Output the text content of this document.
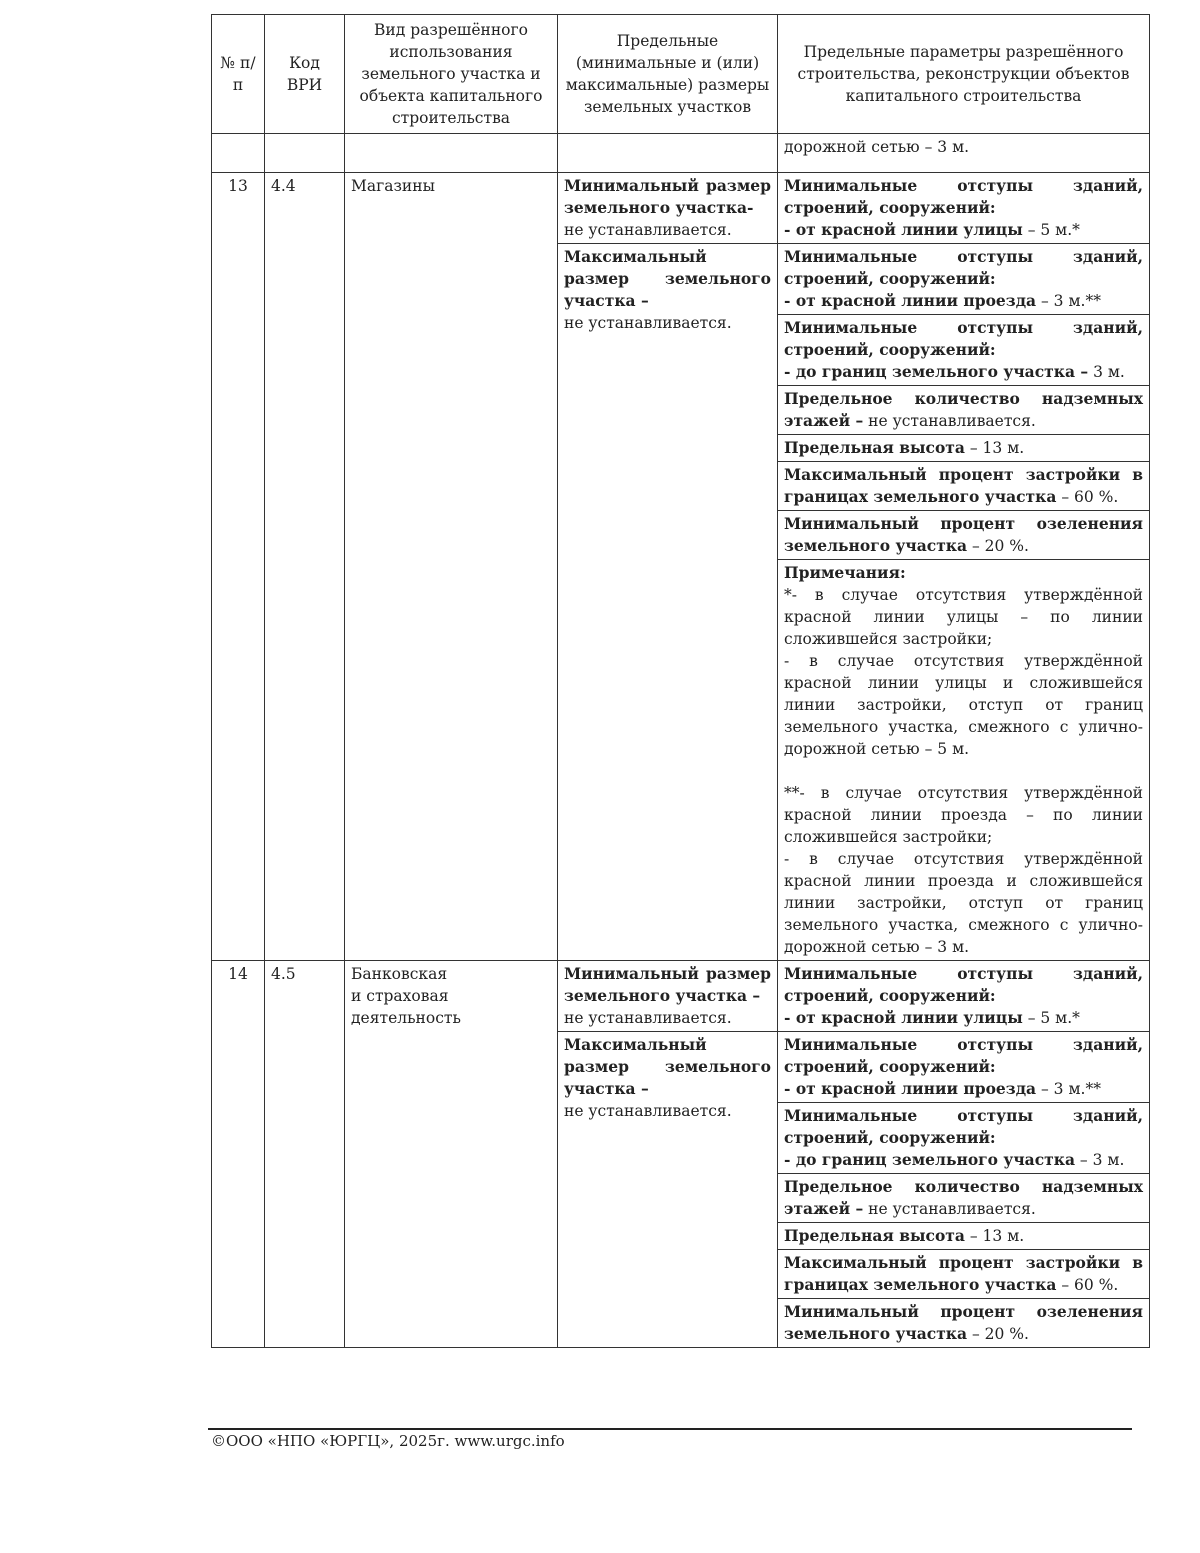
№ п/п	Код ВРИ	Вид разрешённого использования земельного участка и объекта капитального строительства	Предельные (минимальные и (или) максимальные) размеры земельных участков	Предельные параметры разрешённого строительства, реконструкции объектов капитального строительства
				дорожной сетью – 3 м.
13	4.4	Магазины	Минимальный размер земельного участка-
не устанавливается.	Минимальные отступы зданий, строений, сооружений:
- от красной линии улицы – 5 м.*
			Максимальный размер земельного участка –
не устанавливается.	Минимальные отступы зданий, строений, сооружений:
- от красной линии проезда – 3 м.**
				Минимальные отступы зданий, строений, сооружений:
- до границ земельного участка – 3 м.
				Предельное количество надземных этажей – не устанавливается.
				Предельная высота – 13 м.
				Максимальный процент застройки в границах земельного участка – 60 %.
				Минимальный процент озеленения земельного участка – 20 %.

				Примечания:
*- в случае отсутствия утверждённой красной линии улицы – по линии сложившейся застройки;
- в случае отсутствия утверждённой красной линии улицы и сложившейся линии застройки, отступ от границ земельного участка, смежного с улично-дорожной сетью – 5 м.
**- в случае отсутствия утверждённой красной линии проезда – по линии сложившейся застройки;
- в случае отсутствия утверждённой красной линии проезда и сложившейся линии застройки, отступ от границ земельного участка, смежного с улично-дорожной сетью – 3 м.

14	4.5	Банковская
и страховая
деятельность	Минимальный размер земельного участка –
не устанавливается.	Минимальные отступы зданий, строений, сооружений:
- от красной линии улицы – 5 м.*
			Максимальный размер земельного участка –
не устанавливается.	Минимальные отступы зданий, строений, сооружений:
- от красной линии проезда – 3 м.**
				Минимальные отступы зданий, строений, сооружений:
- до границ земельного участка – 3 м.
				Предельное количество надземных этажей – не устанавливается.
				Предельная высота – 13 м.
				Максимальный процент застройки в границах земельного участка – 60 %.
				Минимальный процент озеленения земельного участка – 20 %.
©ООО «НПО «ЮРГЦ», 2025г. www.urgc.info
